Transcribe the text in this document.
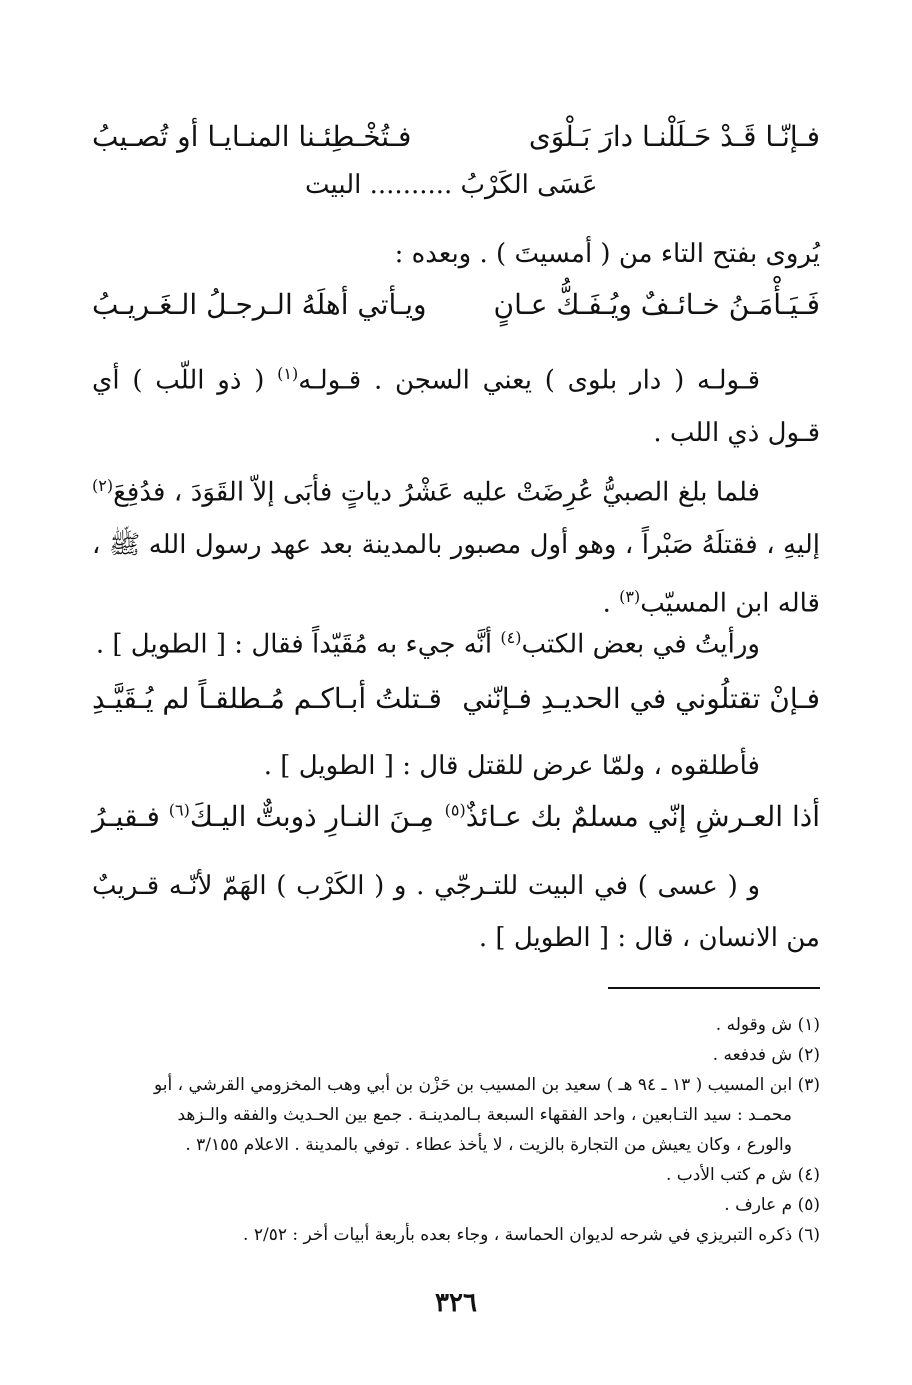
فـإنّـا قَـدْ حَـلَلْنـا دارَ بَـلْوَى
فـتُخْـطِئـنا المنـايـا أو تُصـيبُ
عَسَى الكَرْبُ .......... البيت
يُروى بفتح التاء من ( أمسيتَ ) . وبعده :
فَـيَـأْمَـنُ خـائـفٌ ويُـفَـكُّ عـانٍ
ويـأتي أهلَهُ الـرجـلُ الـغَـريـبُ
قـولـه ( دار بلوى ) يعني السجن . قـولـه$^{(١)}$ ( ذو اللّب ) أي قـول ذي اللب .
فلما بلغ الصبيُّ عُرِضَتْ عليه عَشْرُ دياتٍ فأبَى إلاّ القَوَدَ ، فدُفِعَ$^{(٢)}$ إليهِ ، فقتلَهُ صَبْراً ، وهو أول مصبور بالمدينة بعد عهد رسول الله ﷺ ، قاله ابن المسيّب$^{(٣)}$ .
ورأيتُ في بعض الكتب$^{(٤)}$ أنَّه جيء به مُقَيّداً فقال : [ الطويل ] .
فـإنْ تقتلُوني في الحديـدِ فـإنّني
قـتلتُ أبـاكـم مُـطلقـاً لم يُـقَيَّـدِ
فأطلقوه ، ولمّا عرض للقتل قال : [ الطويل ] .
أذا العـرشِ إنّي مسلمٌ بك عـائذٌ$^{(٥)}$
مِـنَ النـارِ ذوبتٌّ اليـكَ$^{(٦)}$ فـقيـرُ
و ( عسى ) في البيت للتـرجّي . و ( الكَرْب ) الهَمّ لأنّـه قـريبٌ من الانسان ، قال : [ الطويل ] .
(١) ش وقوله .
(٢) ش فدفعه .
(٣) ابن المسيب ( ١٣ ـ ٩٤ هـ ) سعيد بن المسيب بن حَزْن بن أبي وهب المخزومي القرشي ، أبو
محمـد : سيد التـابعين ، واحد الفقهاء السبعة بـالمدينـة . جمع بين الحـديث والفقه والـزهد
والورع ، وكان يعيش من التجارة بالزيت ، لا يأخذ عطاء . توفي بالمدينة . الاعلام ٣/١٥٥ .
(٤) ش م كتب الأدب .
(٥) م عارف .
(٦) ذكره التبريزي في شرحه لديوان الحماسة ، وجاء بعده بأربعة أبيات أخر : ٢/٥٢ .
٣٢٦
